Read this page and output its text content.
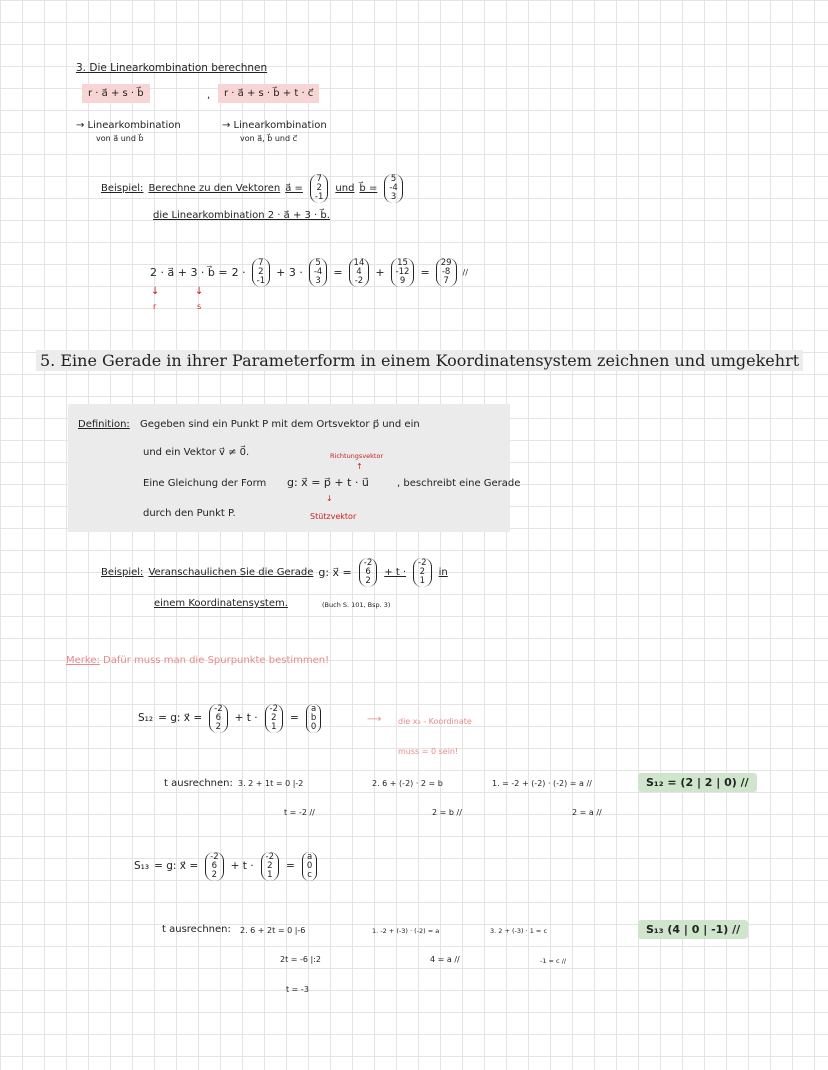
3. Die Linearkombination berechnen
r · a⃗ + s · b⃗	,	r · a⃗ + s · b⃗ + t · c⃗
→ Linearkombination
von a⃗ und b⃗
→ Linearkombination
von a⃗, b⃗ und c⃗
Beispiel: Berechne zu den Vektoren a⃗ =
7
2
-1
und b⃗ =
5
-4
3
die Linearkombination 2 · a⃗ + 3 · b⃗.
2 · a⃗ + 3 · b⃗ = 2 ·
7
2
-1
+ 3 ·
5
-4
3
=
14
4
-2
+
15
-12
9
=
29
-8
7
//
↓
r
↓
s
5. Eine Gerade in ihrer Parameterform in einem Koordinatensystem zeichnen und umgekehrt
Definition: Gegeben sind ein Punkt P mit dem Ortsvektor p⃗ und ein
und ein Vektor v⃗ ≠ 0⃗.	Richtungsvektor
↑
Eine Gleichung der Form g: x⃗ = p⃗ + t · u⃗	, beschreibt eine Gerade
↓
durch den Punkt P.	Stützvektor
Beispiel: Veranschaulichen Sie die Gerade g: x⃗ =
-2
6
2
+ t ·
-2
2
1
in
einem Koordinatensystem.	(Buch S. 101, Bsp. 3)
Merke: Dafür muss man die Spurpunkte bestimmen!
S₁₂ = g: x⃗ =
-2
6
2
+ t ·
-2
2
1
=
a
b
0
⟶ die x₃ - Koordinate
muss = 0 sein!
t ausrechnen: 3. 2 + 1t = 0 |-2
t = -2 //
2. 6 + (-2) · 2 = b
2 = b //
1. = -2 + (-2) · (-2) = a //
2 = a //
S₁₂ = (2 | 2 | 0) //
S₁₃ = g: x⃗ =
-2
6
2
+ t ·
-2
2
1
=
a
0
c
t ausrechnen: 2. 6 + 2t = 0 |-6
2t = -6 |:2
t = -3
1. -2 + (-3) · (-2) = a
4 = a //
3. 2 + (-3) · 1 = c
-1 = c //
S₁₃ (4 | 0 | -1) //
